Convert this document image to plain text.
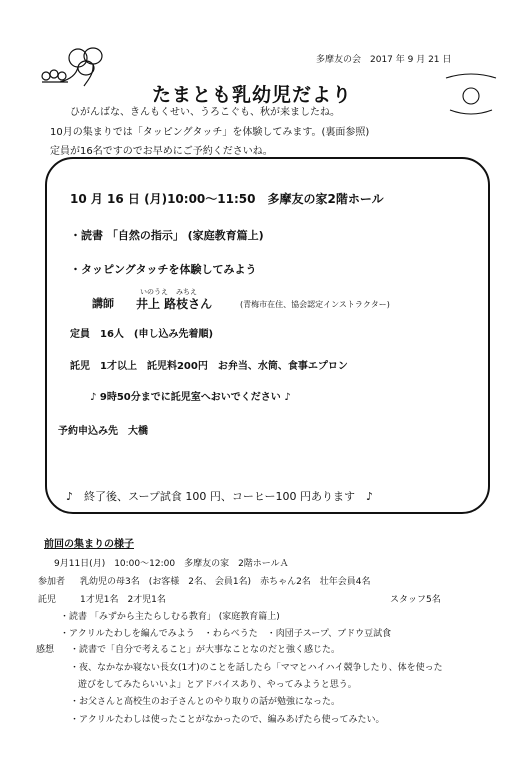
多摩友の会　2017 年 9 月 21 日
たまとも乳幼児だより
ひがんばな、きんもくせい、うろこぐも、秋が来ましたね。
10月の集まりでは「タッピングタッチ」を体験してみます。(裏面参照)
定員が16名ですのでお早めにご予約くださいね。
10 月 16 日 (月)10:00～11:50　多摩友の家2階ホール
・読書 「自然の指示」 (家庭教育篇上)
・タッピングタッチを体験してみよう
講師
いのうえ みちえ
井上 路枝さん	(青梅市在住、協会認定インストラクター)
定員　16人　(申し込み先着順)
託児　1才以上　託児料200円　お弁当、水筒、食事エプロン
♪ 9時50分までに託児室へおいでください ♪
予約申込み先　大橋
♪　終了後、スープ試食 100 円、コーヒー100 円あります　♪
前回の集まりの様子
9月11日(月)　10:00～12:00　多摩友の家　2階ホールＡ
参加者 乳幼児の母3名　(お客様　2名、 会員1名)　赤ちゃん2名　壮年会員4名
託児	1才児1名　2才児1名	スタッフ5名
・読書 「みずから主たらしむる教育」 (家庭教育篇上)
・アクリルたわしを編んでみよう　・わらべうた　・肉団子スープ、ブドウ豆試食
感想 ・読書で「自分で考えること」が大事なことなのだと強く感じた。
・夜、なかなか寝ない長女(1才)のことを話したら「ママとハイハイ競争したり、体を使った
遊びをしてみたらいいよ」とアドバイスあり、やってみようと思う。
・お父さんと高校生のお子さんとのやり取りの話が勉強になった。
・アクリルたわしは使ったことがなかったので、編みあげたら使ってみたい。
